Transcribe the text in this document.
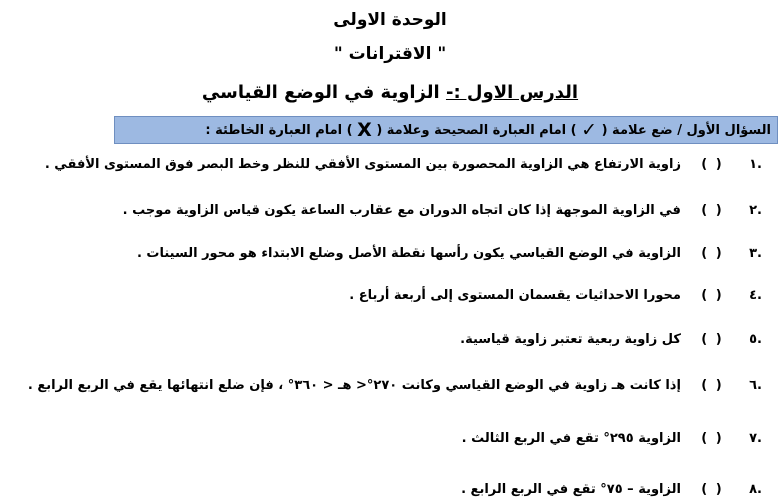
الوحدة الاولى
" الاقترانات "
الدرس الاول :- الزاوية في الوضع القياسي
السؤال الأول / ضع علامة ( ✓ ) امام العبارة الصحيحة وعلامة ( X ) امام العبارة الخاطئة :
.١ ( ) زاوية الارتفاع هي الزاوية المحصورة بين المستوى الأفقي للنظر وخط البصر فوق المستوى الأفقي .
.٢ ( ) في الزاوية الموجهة إذا كان اتجاه الدوران مع عقارب الساعة يكون قياس الزاوية موجب .
.٣ ( ) الزاوية في الوضع القياسي يكون رأسها نقطة الأصل وضلع الابتداء هو محور السينات .
.٤ ( ) محورا الاحداثيات يقسمان المستوى إلى أربعة أرباع .
.٥ ( ) كل زاوية ربعية تعتبر زاوية قياسية.
.٦ ( ) إذا كانت هـ زاوية في الوضع القياسي وكانت ٢٧٠°< هـ < ٣٦٠° ، فإن ضلع انتهائها يقع في الربع الرابع .
.٧ ( ) الزاوية ٢٩٥° تقع في الربع الثالث .
.٨ ( ) الزاوية – ٧٥° تقع في الربع الرابع .
